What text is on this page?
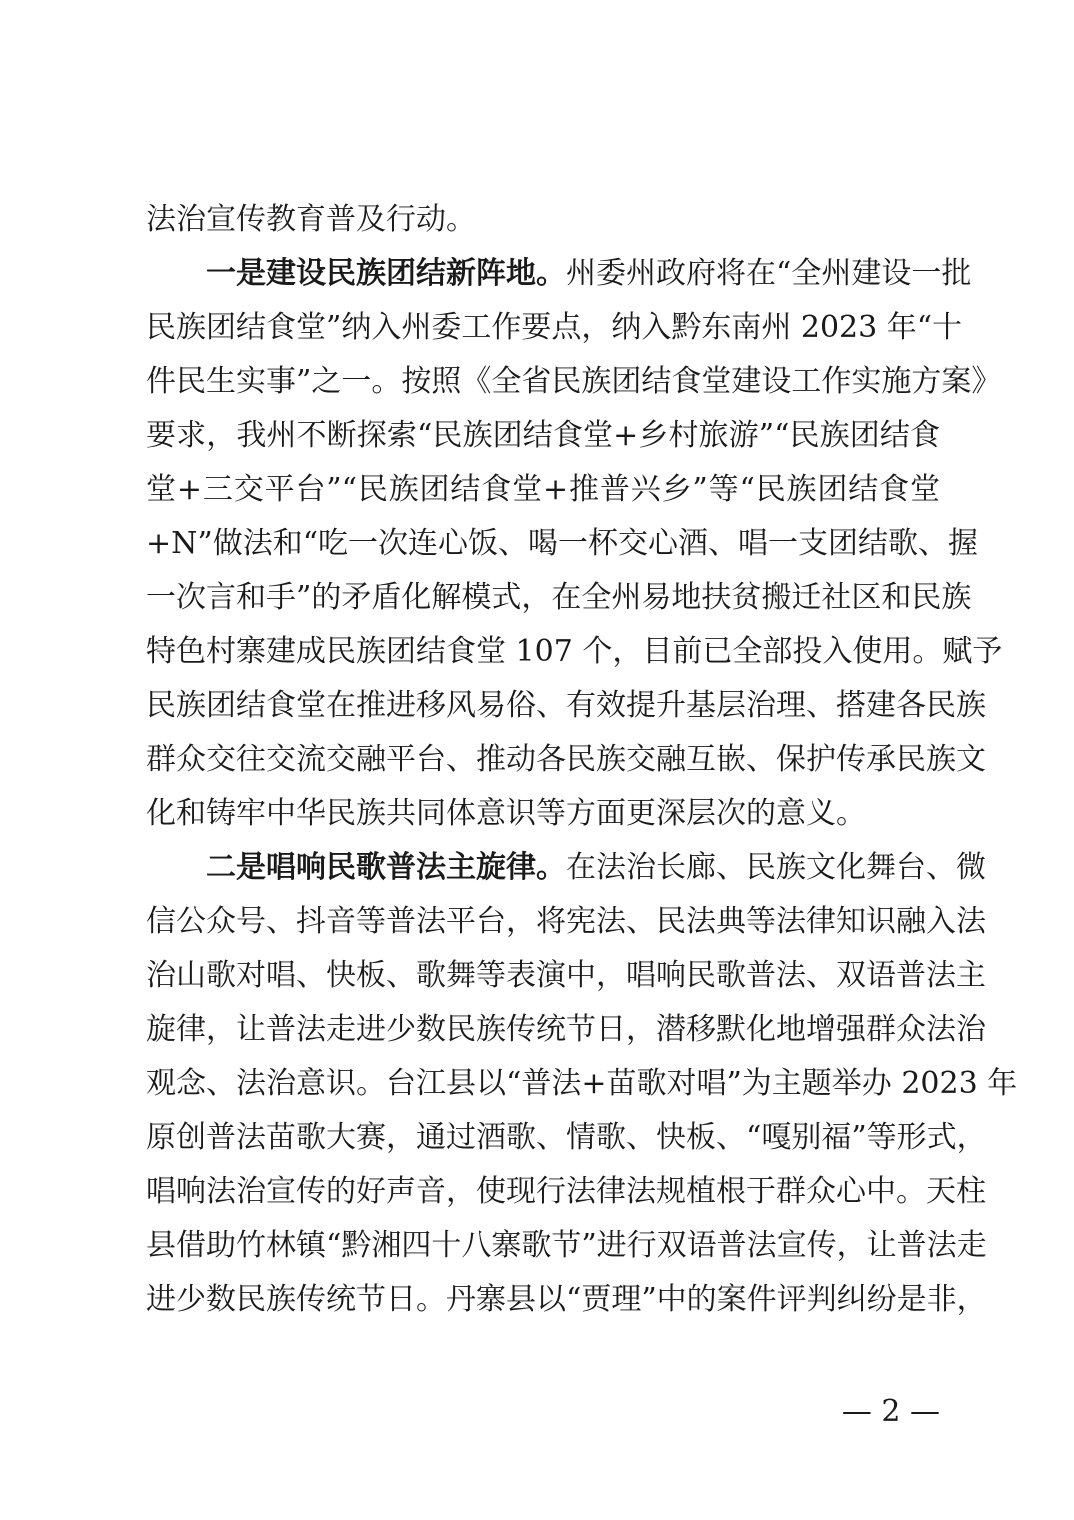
法治宣传教育普及行动。
一是建设民族团结新阵地。州委州政府将在“全州建设一批
民族团结食堂”纳入州委工作要点，纳入黔东南州 2023 年“十
件民生实事”之一。按照《全省民族团结食堂建设工作实施方案》
要求，我州不断探索“民族团结食堂+乡村旅游”“民族团结食
堂+三交平台”“民族团结食堂+推普兴乡”等“民族团结食堂
+N”做法和“吃一次连心饭、喝一杯交心酒、唱一支团结歌、握
一次言和手”的矛盾化解模式，在全州易地扶贫搬迁社区和民族
特色村寨建成民族团结食堂 107 个，目前已全部投入使用。赋予
民族团结食堂在推进移风易俗、有效提升基层治理、搭建各民族
群众交往交流交融平台、推动各民族交融互嵌、保护传承民族文
化和铸牢中华民族共同体意识等方面更深层次的意义。
二是唱响民歌普法主旋律。在法治长廊、民族文化舞台、微
信公众号、抖音等普法平台，将宪法、民法典等法律知识融入法
治山歌对唱、快板、歌舞等表演中，唱响民歌普法、双语普法主
旋律，让普法走进少数民族传统节日，潜移默化地增强群众法治
观念、法治意识。台江县以“普法+苗歌对唱”为主题举办 2023 年
原创普法苗歌大赛，通过酒歌、情歌、快板、“嘎别福”等形式，
唱响法治宣传的好声音，使现行法律法规植根于群众心中。天柱
县借助竹林镇“黔湘四十八寨歌节”进行双语普法宣传，让普法走
进少数民族传统节日。丹寨县以“贾理”中的案件评判纠纷是非，
— 2 —
